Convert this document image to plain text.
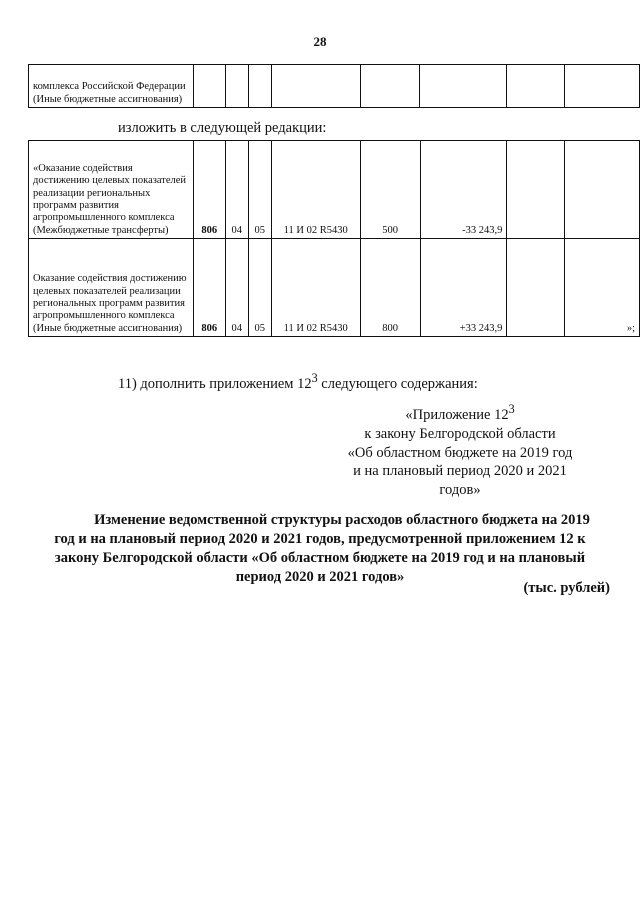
28
комплекса Российской Федерации (Иные бюджетные ассигнования)								
изложить в следующей редакции:
«Оказание содействия достижению целевых показателей реализации региональных программ развития агропромышленного комплекса (Межбюджетные трансферты)	806	04	05	11 И 02 R5430	500	-33 243,9		
Оказание содействия достижению целевых показателей реализации региональных программ развития агропромышленного комплекса (Иные бюджетные ассигнования)	806	04	05	11 И 02 R5430	800	+33 243,9		»;
11) дополнить приложением $12^3$ следующего содержания:
«Приложение $12^3$
к закону Белгородской области
«Об областном бюджете на 2019 год
и на плановый период 2020 и 2021
годов»
Изменение ведомственной структуры расходов областного бюджета на 2019
год и на плановый период 2020 и 2021 годов, предусмотренной приложением 12 к
закону Белгородской области «Об областном бюджете на 2019 год и на плановый
период 2020 и 2021 годов»
(тыс. рублей)
